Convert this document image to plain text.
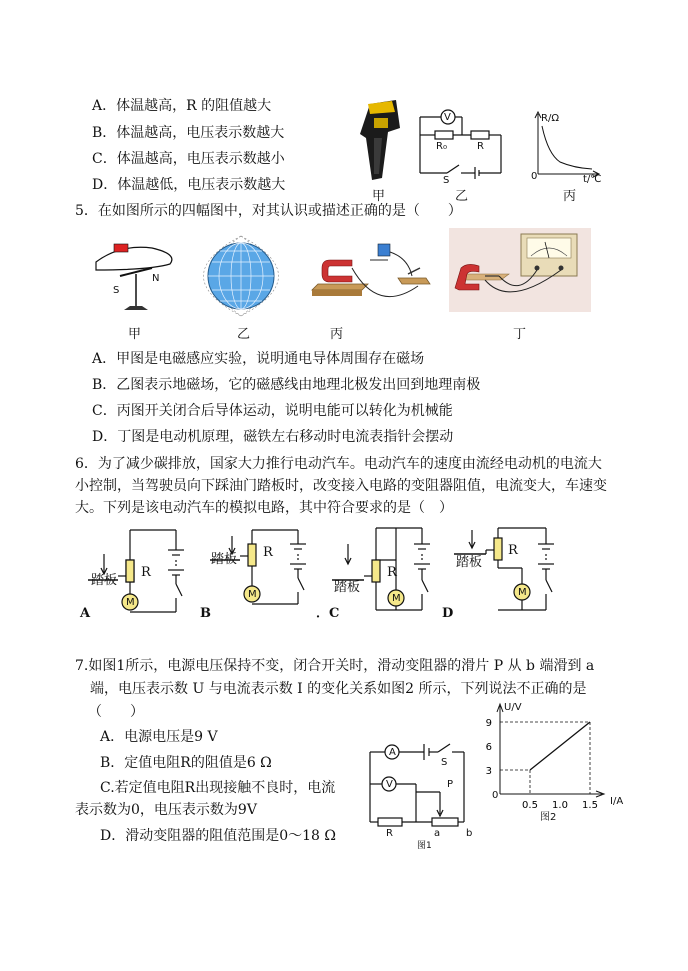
A．体温越高，R 的阻值越大
B．体温越高，电压表示数越大
C．体温越高，电压表示数越小
D．体温越低，电压表示数越大
甲
V
R₀	R
S
乙
R/Ω
0	t/℃
丙
5．在如图所示的四幅图中，对其认识或描述正确的是（　　）
S
N
甲	乙	丙	丁
A．甲图是电磁感应实验，说明通电导体周围存在磁场
B．乙图表示地磁场，它的磁感线由地理北极发出回到地理南极
C．丙图开关闭合后导体运动，说明电能可以转化为机械能
D．丁图是电动机原理，磁铁左右移动时电流表指针会摆动
6．为了减少碳排放，国家大力推行电动汽车。电动汽车的速度由流经电动机的电流大
小控制，当驾驶员向下踩油门踏板时，改变接入电路的变阻器阻值，电流变大，车速变
大。下列是该电动汽车的模拟电路，其中符合要求的是（　）
R
踏板
M
A
R
踏板
M
B
R
踏板
M
．C
R
踏板
M
D
7.如图1所示，电源电压保持不变，闭合开关时，滑动变阻器的滑片 P 从 b 端滑到 a
端，电压表示数 U 与电流表示数 I 的变化关系如图2 所示，下列说法不正确的是
（　　）
A．电源电压是9 V
B．定值电阻R的阻值是6 Ω
C.若定值电阻R出现接触不良时，电流
表示数为0，电压表示数为9V
D．滑动变阻器的阻值范围是0～18 Ω
A
V
S
P
R	a	b
图1
9
6
3
0.5 1.0 1.5
U/V
0
I/A
图2
